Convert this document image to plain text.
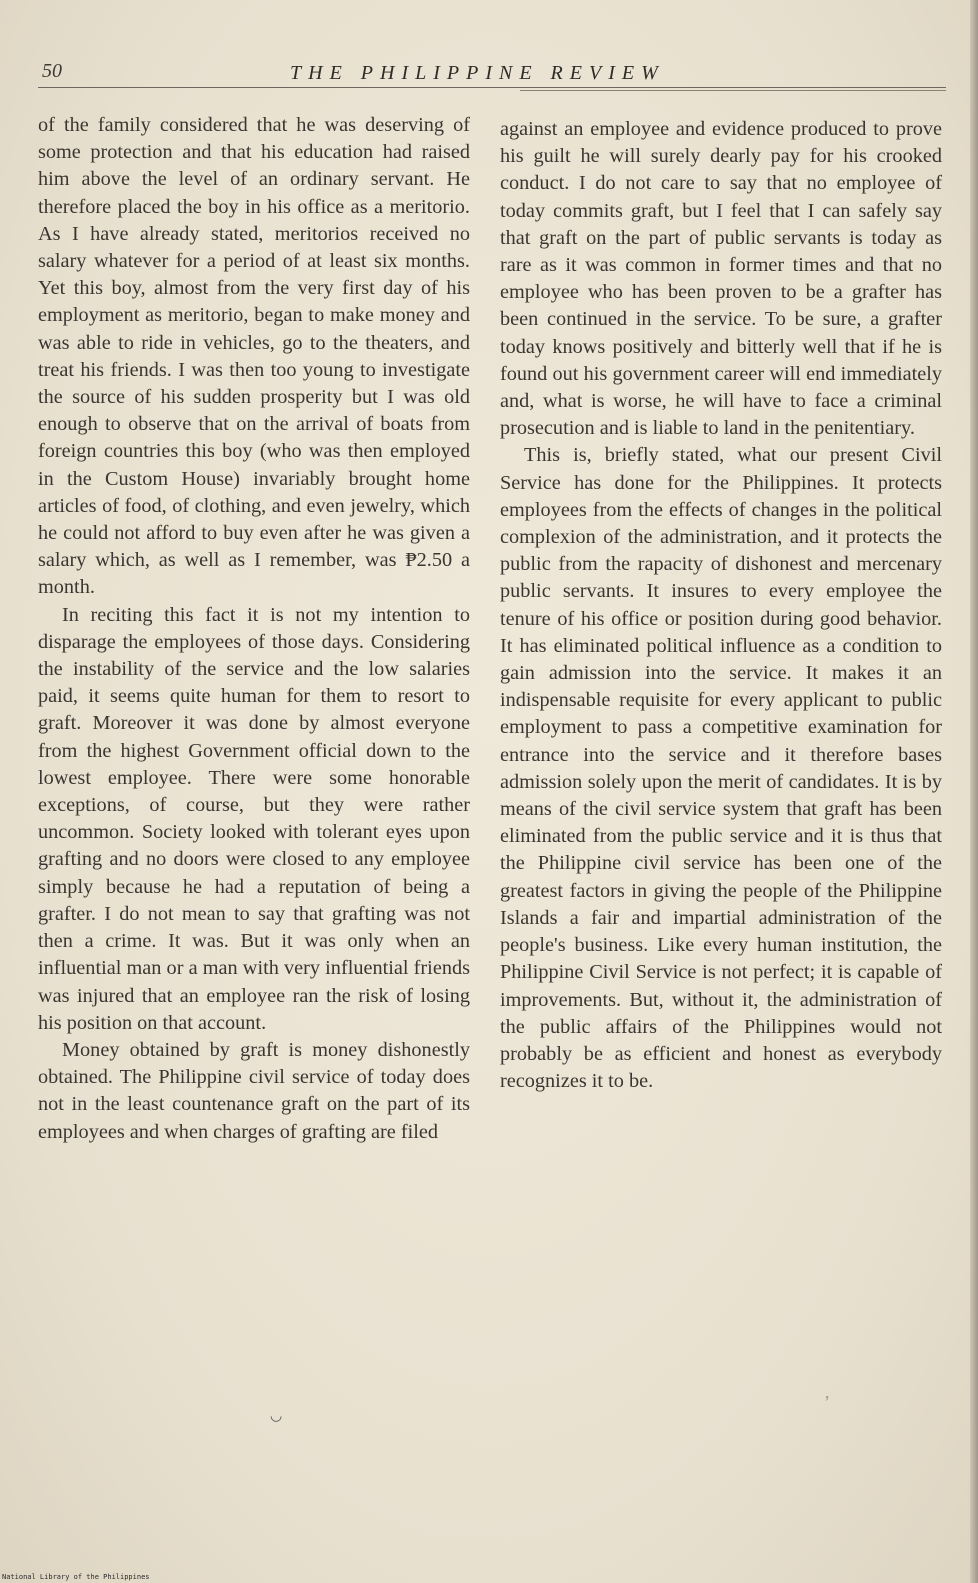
50	THE PHILIPPINE REVIEW

of the family considered that he was deserving of some protection and that his education had raised him above the level of an ordinary servant. He therefore placed the boy in his office as a meritorio. As I have already stated, meritorios received no salary whatever for a period of at least six months. Yet this boy, almost from the very first day of his employment as meritorio, began to make money and was able to ride in vehicles, go to the theaters, and treat his friends. I was then too young to investigate the source of his sudden prosperity but I was old enough to observe that on the arrival of boats from foreign countries this boy (who was then employed in the Custom House) invariably brought home articles of food, of clothing, and even jewelry, which he could not afford to buy even after he was given a salary which, as well as I remember, was ₱2.50 a month.

In reciting this fact it is not my intention to disparage the employees of those days. Considering the instability of the service and the low salaries paid, it seems quite human for them to resort to graft. Moreover it was done by almost everyone from the highest Government official down to the lowest employee. There were some honorable exceptions, of course, but they were rather uncommon. Society looked with tolerant eyes upon grafting and no doors were closed to any employee simply because he had a reputation of being a grafter. I do not mean to say that grafting was not then a crime. It was. But it was only when an influential man or a man with very influential friends was injured that an employee ran the risk of losing his position on that account.

Money obtained by graft is money dishonestly obtained. The Philippine civil service of today does not in the least countenance graft on the part of its employees and when charges of grafting are filed

against an employee and evidence produced to prove his guilt he will surely dearly pay for his crooked conduct. I do not care to say that no employee of today commits graft, but I feel that I can safely say that graft on the part of public servants is today as rare as it was common in former times and that no employee who has been proven to be a grafter has been continued in the service. To be sure, a grafter today knows positively and bitterly well that if he is found out his government career will end immediately and, what is worse, he will have to face a criminal prosecution and is liable to land in the penitentiary.

This is, briefly stated, what our present Civil Service has done for the Philippines. It protects employees from the effects of changes in the political complexion of the administration, and it protects the public from the rapacity of dishonest and mercenary public servants. It insures to every employee the tenure of his office or position during good behavior. It has eliminated political influence as a condition to gain admission into the service. It makes it an indispensable requisite for every applicant to public employment to pass a competitive examination for entrance into the service and it therefore bases admission solely upon the merit of candidates. It is by means of the civil service system that graft has been eliminated from the public service and it is thus that the Philippine civil service has been one of the greatest factors in giving the people of the Philippine Islands a fair and impartial administration of the people's business. Like every human institution, the Philippine Civil Service is not perfect; it is capable of improvements. But, without it, the administration of the public affairs of the Philippines would not probably be as efficient and honest as everybody recognizes it to be.

◡
’
National Library of the Philippines
